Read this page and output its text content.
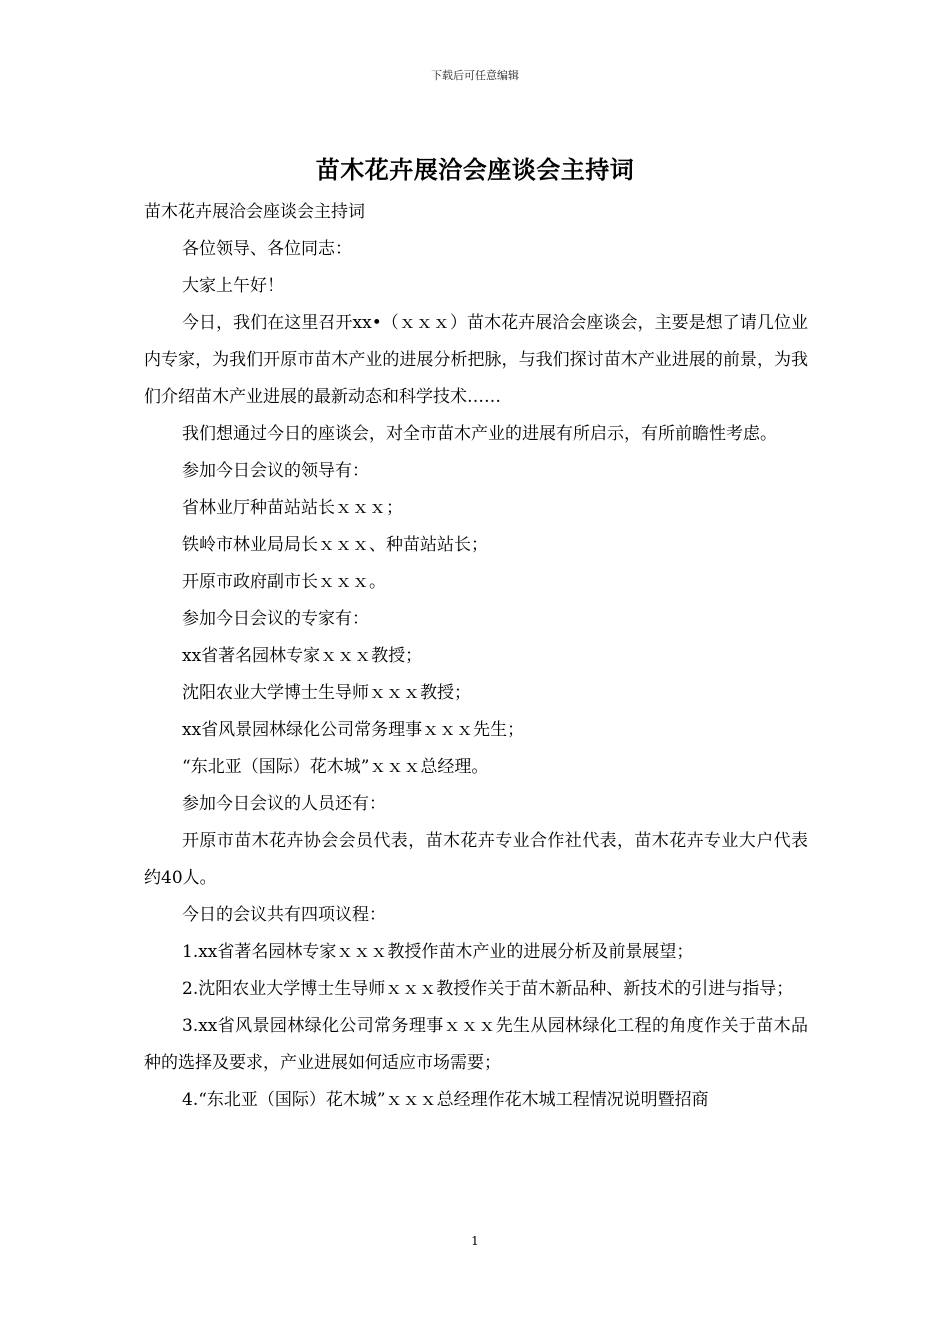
下载后可任意编辑
苗木花卉展洽会座谈会主持词

苗木花卉展洽会座谈会主持词

各位领导、各位同志：

大家上午好！

今日，我们在这里召开xx•（ｘｘｘ）苗木花卉展洽会座谈会，主要是想了请几位业内专家，为我们开原市苗木产业的进展分析把脉，与我们探讨苗木产业进展的前景，为我们介绍苗木产业进展的最新动态和科学技术……

我们想通过今日的座谈会，对全市苗木产业的进展有所启示，有所前瞻性考虑。

参加今日会议的领导有：

省林业厅种苗站站长ｘｘｘ；

铁岭市林业局局长ｘｘｘ、种苗站站长；

开原市政府副市长ｘｘｘ。

参加今日会议的专家有：

xx省著名园林专家ｘｘｘ教授；

沈阳农业大学博士生导师ｘｘｘ教授；

xx省风景园林绿化公司常务理事ｘｘｘ先生；

“东北亚（国际）花木城”ｘｘｘ总经理。

参加今日会议的人员还有：

开原市苗木花卉协会会员代表，苗木花卉专业合作社代表，苗木花卉专业大户代表约40人。

今日的会议共有四项议程：

1.xx省著名园林专家ｘｘｘ教授作苗木产业的进展分析及前景展望；

2.沈阳农业大学博士生导师ｘｘｘ教授作关于苗木新品种、新技术的引进与指导；

3.xx省风景园林绿化公司常务理事ｘｘｘ先生从园林绿化工程的角度作关于苗木品种的选择及要求，产业进展如何适应市场需要；

4.“东北亚（国际）花木城”ｘｘｘ总经理作花木城工程情况说明暨招商

1
